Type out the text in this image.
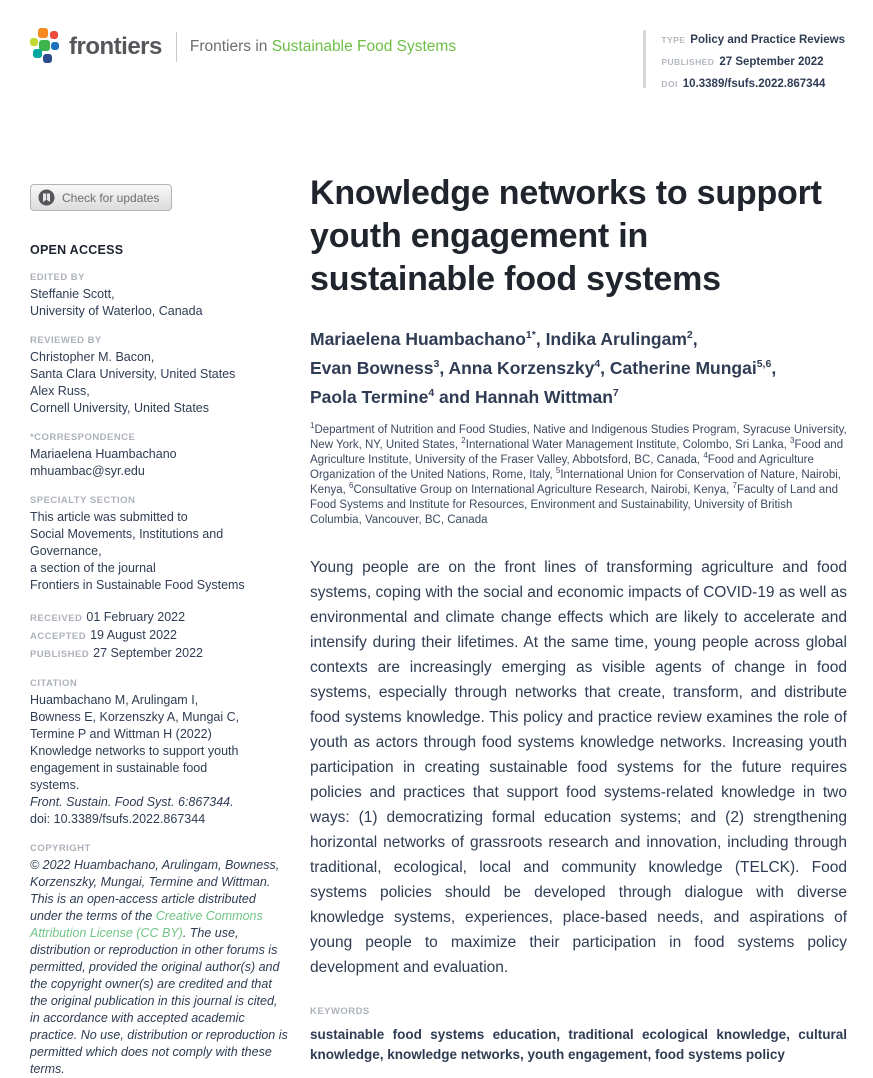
frontiers Frontiers in Sustainable Food Systems	TYPE Policy and Practice Reviews
PUBLISHED 27 September 2022
DOI 10.3389/fsufs.2022.867344
Check for updates
OPEN ACCESS
EDITED BY
Steffanie Scott,
University of Waterloo, Canada
REVIEWED BY
Christopher M. Bacon,
Santa Clara University, United States
Alex Russ,
Cornell University, United States
*CORRESPONDENCE
Mariaelena Huambachano
mhuambac@syr.edu
SPECIALTY SECTION
This article was submitted to
Social Movements, Institutions and
Governance,
a section of the journal
Frontiers in Sustainable Food Systems
RECEIVED 01 February 2022
ACCEPTED 19 August 2022
PUBLISHED 27 September 2022
CITATION
Huambachano M, Arulingam I,
Bowness E, Korzenszky A, Mungai C,
Termine P and Wittman H (2022)
Knowledge networks to support youth
engagement in sustainable food
systems.
Front. Sustain. Food Syst. 6:867344.
doi: 10.3389/fsufs.2022.867344
COPYRIGHT
© 2022 Huambachano, Arulingam, Bowness, Korzenszky, Mungai, Termine and Wittman. This is an open-access article distributed under the terms of the Creative Commons Attribution License (CC BY). The use, distribution or reproduction in other forums is permitted, provided the original author(s) and the copyright owner(s) are credited and that the original publication in this journal is cited, in accordance with accepted academic practice. No use, distribution or reproduction is permitted which does not comply with these terms.
Knowledge networks to support
youth engagement in
sustainable food systems
Mariaelena Huambachano$^{1*}$, Indika Arulingam$^2$,
Evan Bowness$^3$, Anna Korzenszky$^4$, Catherine Mungai$^{5,6}$,
Paola Termine$^4$ and Hannah Wittman$^7$
$^1$Department of Nutrition and Food Studies, Native and Indigenous Studies Program, Syracuse University, New York, NY, United States, $^2$International Water Management Institute, Colombo, Sri Lanka, $^3$Food and Agriculture Institute, University of the Fraser Valley, Abbotsford, BC, Canada, $^4$Food and Agriculture Organization of the United Nations, Rome, Italy, $^5$International Union for Conservation of Nature, Nairobi, Kenya, $^6$Consultative Group on International Agriculture Research, Nairobi, Kenya, $^7$Faculty of Land and Food Systems and Institute for Resources, Environment and Sustainability, University of British Columbia, Vancouver, BC, Canada
Young people are on the front lines of transforming agriculture and food systems, coping with the social and economic impacts of COVID-19 as well as environmental and climate change effects which are likely to accelerate and intensify during their lifetimes. At the same time, young people across global contexts are increasingly emerging as visible agents of change in food systems, especially through networks that create, transform, and distribute food systems knowledge. This policy and practice review examines the role of youth as actors through food systems knowledge networks. Increasing youth participation in creating sustainable food systems for the future requires policies and practices that support food systems-related knowledge in two ways: (1) democratizing formal education systems; and (2) strengthening horizontal networks of grassroots research and innovation, including through traditional, ecological, local and community knowledge (TELCK). Food systems policies should be developed through dialogue with diverse knowledge systems, experiences, place-based needs, and aspirations of young people to maximize their participation in food systems policy development and evaluation.
KEYWORDS
sustainable food systems education, traditional ecological knowledge, cultural knowledge, knowledge networks, youth engagement, food systems policy
